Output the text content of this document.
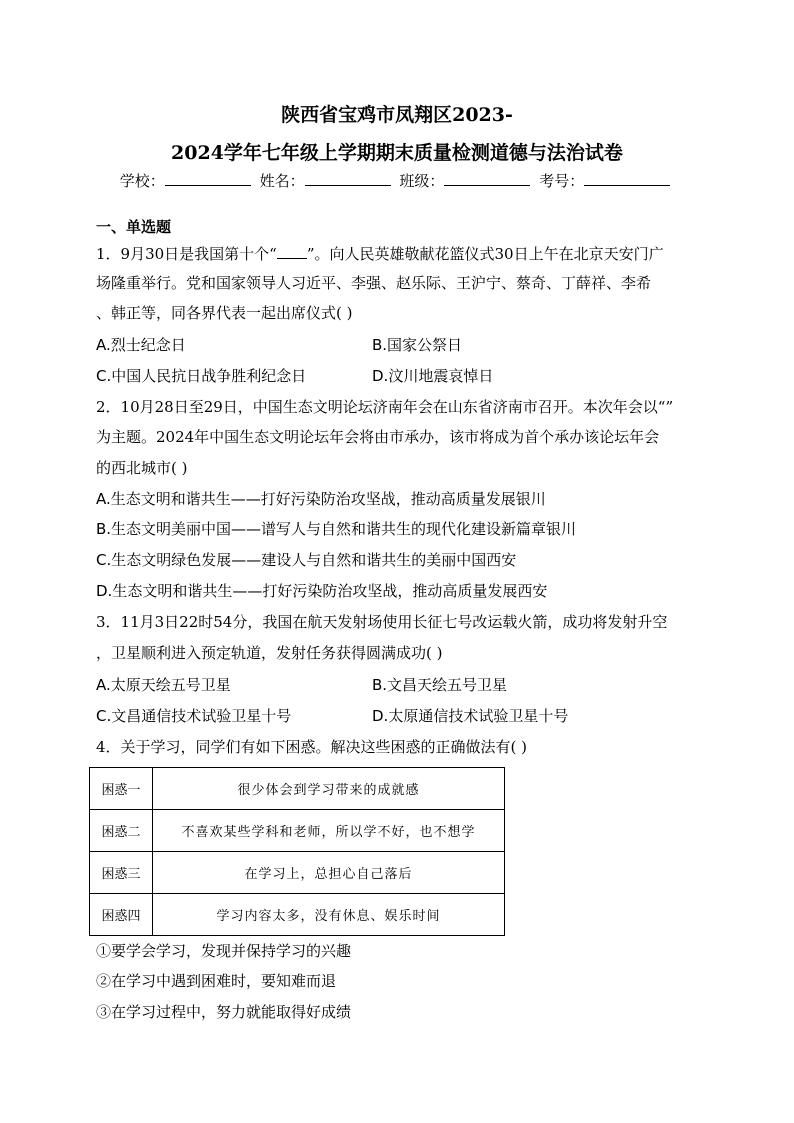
陕西省宝鸡市凤翔区2023-
2024学年七年级上学期期末质量检测道德与法治试卷
学校：	姓名：	班级：	考号：
一、单选题
1．9月30日是我国第十个“ ”。向人民英雄敬献花篮仪式30日上午在北京天安门广
场隆重举行。党和国家领导人习近平、李强、赵乐际、王沪宁、蔡奇、丁薛祥、李希
、韩正等，同各界代表一起出席仪式( )
A.烈士纪念日	B.国家公祭日
C.中国人民抗日战争胜利纪念日	D.汶川地震哀悼日
2．10月28日至29日，中国生态文明论坛济南年会在山东省济南市召开。本次年会以“”
为主题。2024年中国生态文明论坛年会将由市承办，该市将成为首个承办该论坛年会
的西北城市( )
A.生态文明和谐共生——打好污染防治攻坚战，推动高质量发展银川
B.生态文明美丽中国——谱写人与自然和谐共生的现代化建设新篇章银川
C.生态文明绿色发展——建设人与自然和谐共生的美丽中国西安
D.生态文明和谐共生——打好污染防治攻坚战，推动高质量发展西安
3．11月3日22时54分，我国在航天发射场使用长征七号改运载火箭，成功将发射升空
，卫星顺利进入预定轨道，发射任务获得圆满成功( )
A.太原天绘五号卫星	B.文昌天绘五号卫星
C.文昌通信技术试验卫星十号	D.太原通信技术试验卫星十号
4．关于学习，同学们有如下困惑。解决这些困惑的正确做法有( )
困惑一	很少体会到学习带来的成就感
困惑二	不喜欢某些学科和老师，所以学不好，也不想学
困惑三	在学习上，总担心自己落后
困惑四	学习内容太多，没有休息、娱乐时间
①要学会学习，发现并保持学习的兴趣
②在学习中遇到困难时，要知难而退
③在学习过程中，努力就能取得好成绩
